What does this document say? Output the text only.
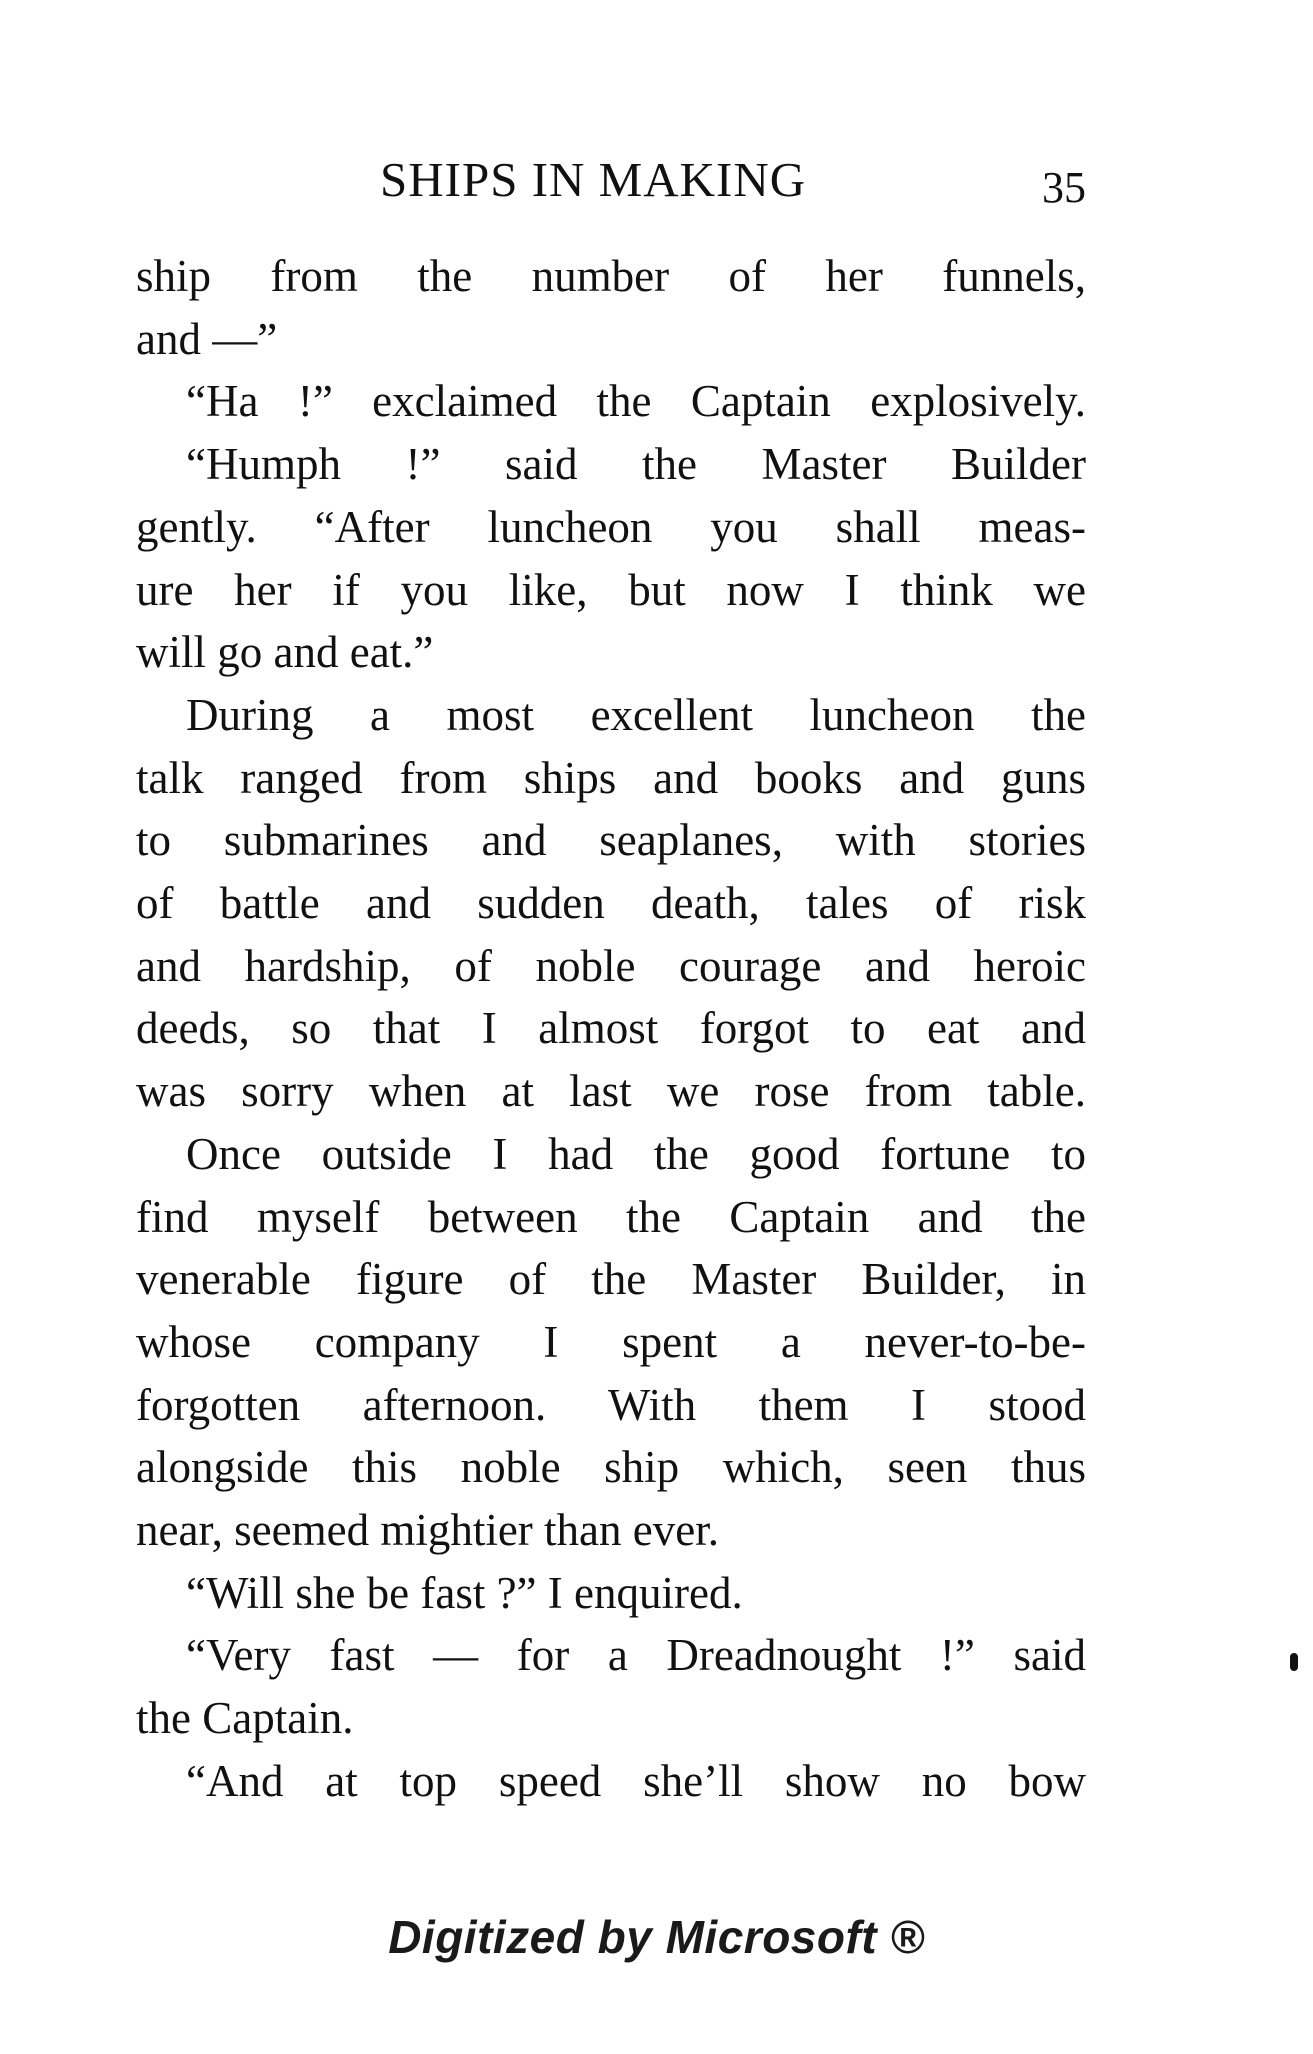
SHIPS IN MAKING	35
ship from the number of her funnels,
and —”
“Ha !” exclaimed the Captain explosively.
“Humph !” said the Master Builder
gently. “After luncheon you shall meas-
ure her if you like, but now I think we
will go and eat.”
During a most excellent luncheon the
talk ranged from ships and books and guns
to submarines and seaplanes, with stories
of battle and sudden death, tales of risk
and hardship, of noble courage and heroic
deeds, so that I almost forgot to eat and
was sorry when at last we rose from table.
Once outside I had the good fortune to
find myself between the Captain and the
venerable figure of the Master Builder, in
whose company I spent a never-to-be-
forgotten afternoon. With them I stood
alongside this noble ship which, seen thus
near, seemed mightier than ever.
“Will she be fast ?” I enquired.
“Very fast — for a Dreadnought !” said
the Captain.
“And at top speed she’ll show no bow
Digitized by Microsoft ®
